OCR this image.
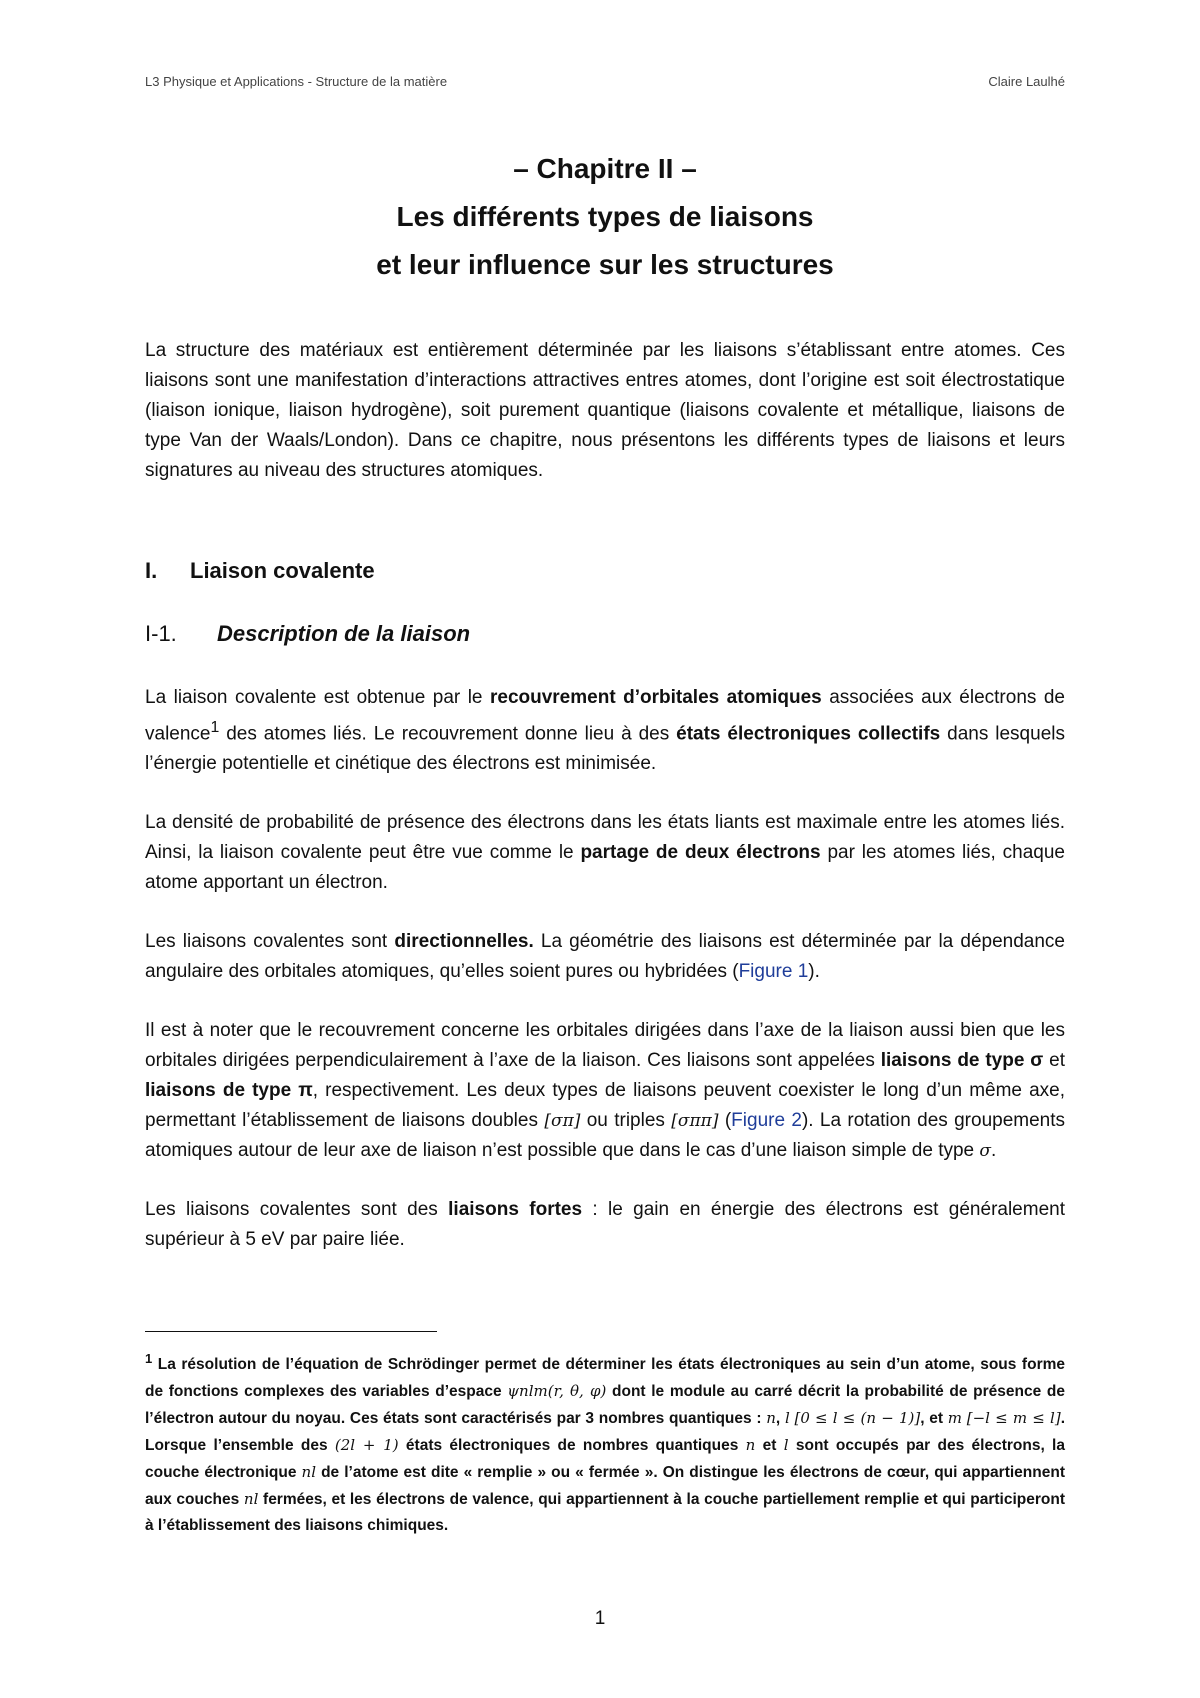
L3 Physique et Applications - Structure de la matière	Claire Laulhé
– Chapitre II –
Les différents types de liaisons
et leur influence sur les structures

La structure des matériaux est entièrement déterminée par les liaisons s’établissant entre atomes. Ces liaisons sont une manifestation d’interactions attractives entres atomes, dont l’origine est soit électrostatique (liaison ionique, liaison hydrogène), soit purement quantique (liaisons covalente et métallique, liaisons de type Van der Waals/London). Dans ce chapitre, nous présentons les différents types de liaisons et leurs signatures au niveau des structures atomiques.

I. Liaison covalente
I-1. Description de la liaison

La liaison covalente est obtenue par le recouvrement d’orbitales atomiques associées aux électrons de valence$^1$ des atomes liés. Le recouvrement donne lieu à des états électroniques collectifs dans lesquels l’énergie potentielle et cinétique des électrons est minimisée.

La densité de probabilité de présence des électrons dans les états liants est maximale entre les atomes liés. Ainsi, la liaison covalente peut être vue comme le partage de deux électrons par les atomes liés, chaque atome apportant un électron.

Les liaisons covalentes sont directionnelles. La géométrie des liaisons est déterminée par la dépendance angulaire des orbitales atomiques, qu’elles soient pures ou hybridées (Figure 1).

Il est à noter que le recouvrement concerne les orbitales dirigées dans l’axe de la liaison aussi bien que les orbitales dirigées perpendiculairement à l’axe de la liaison. Ces liaisons sont appelées liaisons de type σ et liaisons de type π, respectivement. Les deux types de liaisons peuvent coexister le long d’un même axe, permettant l’établissement de liaisons doubles [σπ] ou triples [σππ] (Figure 2). La rotation des groupements atomiques autour de leur axe de liaison n’est possible que dans le cas d’une liaison simple de type σ.

Les liaisons covalentes sont des liaisons fortes : le gain en énergie des électrons est généralement supérieur à 5 eV par paire liée.

$^1$ La résolution de l’équation de Schrödinger permet de déterminer les états électroniques au sein d’un atome, sous forme de fonctions complexes des variables d’espace ψnlm(r, θ, φ) dont le module au carré décrit la probabilité de présence de l’électron autour du noyau. Ces états sont caractérisés par 3 nombres quantiques : n, l [0 ≤ l ≤ (n − 1)], et m [−l ≤ m ≤ l]. Lorsque l’ensemble des (2l + 1) états électroniques de nombres quantiques n et l sont occupés par des électrons, la couche électronique nl de l’atome est dite « remplie » ou « fermée ». On distingue les électrons de cœur, qui appartiennent aux couches nl fermées, et les électrons de valence, qui appartiennent à la couche partiellement remplie et qui participeront à l’établissement des liaisons chimiques.
1
